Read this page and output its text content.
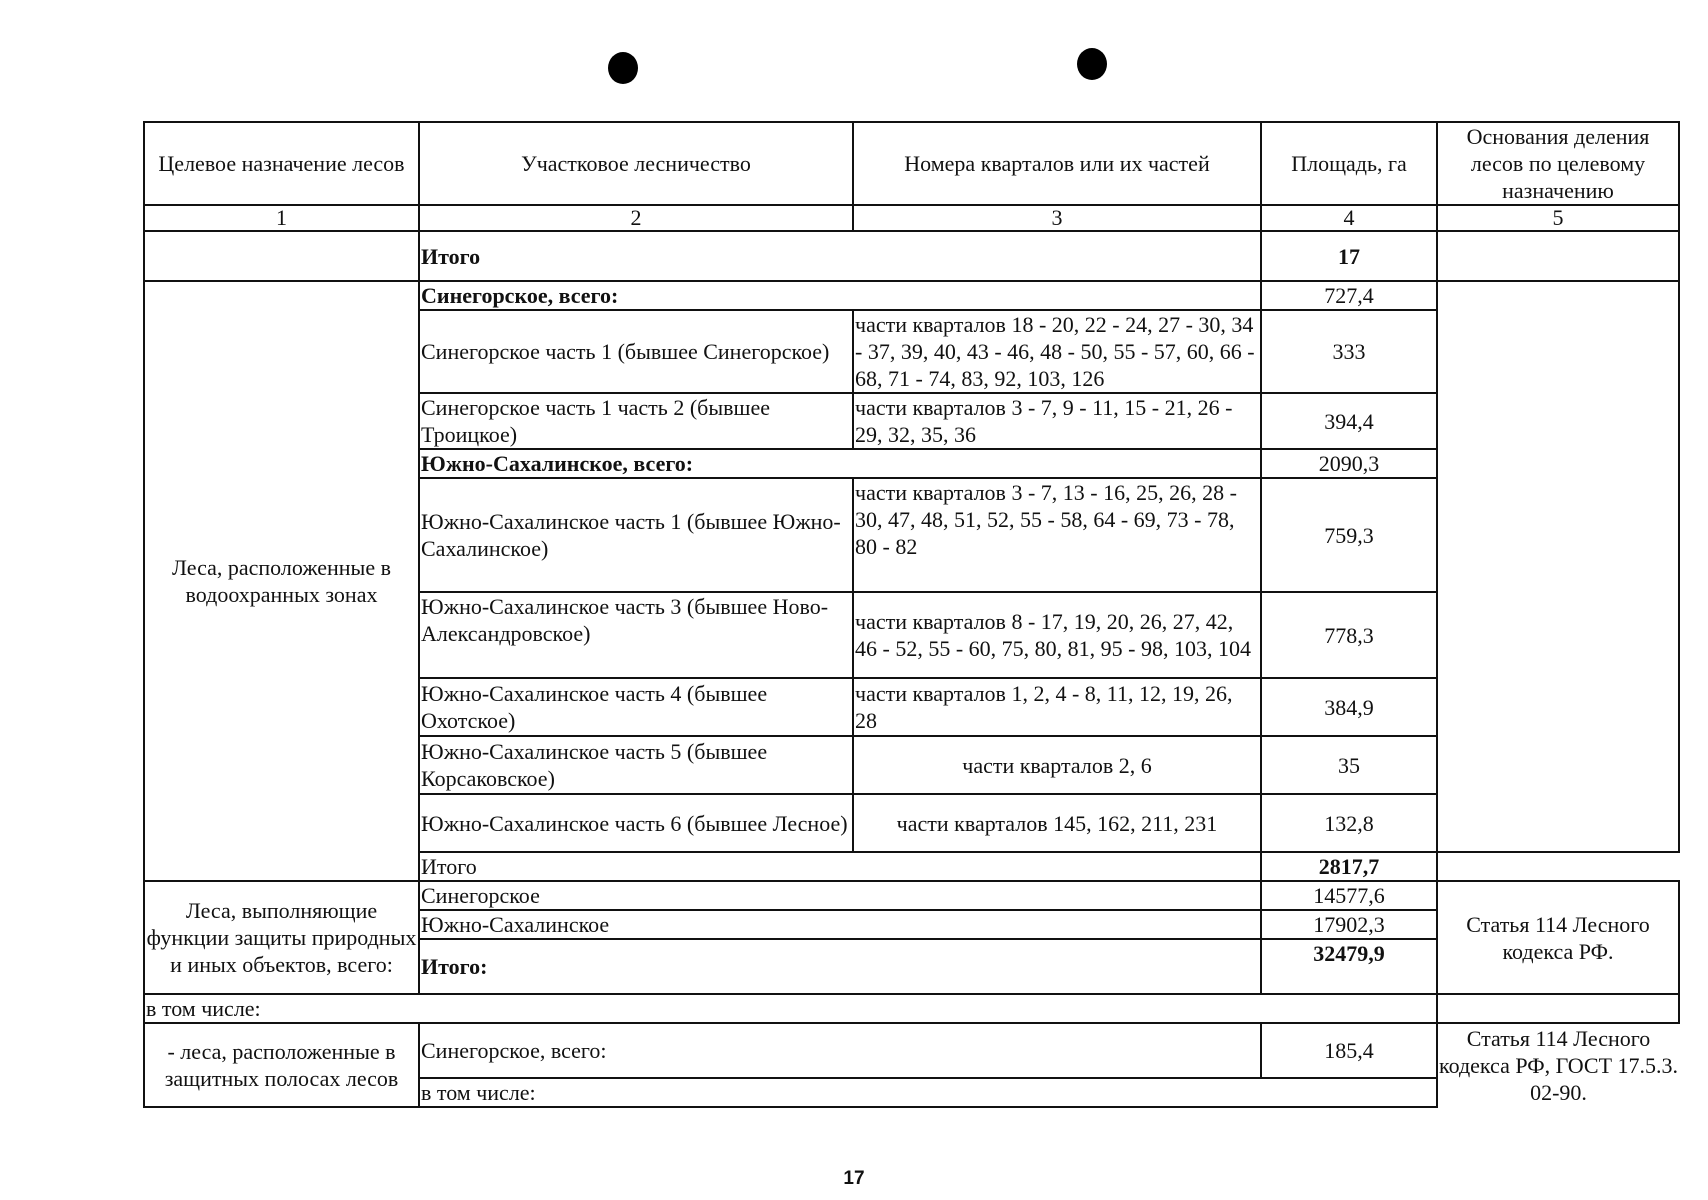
Целевое назначение лесов	Участковое лесничество	Номера кварталов или их частей	Площадь, га	Основания деления лесов по целевому назначению
1	2	3	4	5
	Итого		17	
Леса, расположенные в водоохранных зонах	Синегорское, всего:		727,4	
	Синегорское часть 1 (бывшее Синегорское)	части кварталов 18 - 20, 22 - 24, 27 - 30, 34 - 37, 39, 40, 43 - 46, 48 - 50, 55 - 57, 60, 66 - 68, 71 - 74, 83, 92, 103, 126	333	
	Синегорское часть 1 часть 2 (бывшее Троицкое)	части кварталов 3 - 7, 9 - 11, 15 - 21, 26 - 29, 32, 35, 36	394,4	
	Южно-Сахалинское, всего:		2090,3	
	Южно-Сахалинское часть 1 (бывшее Южно-Сахалинское)	части кварталов 3 - 7, 13 - 16, 25, 26, 28 - 30, 47, 48, 51, 52, 55 - 58, 64 - 69, 73 - 78, 80 - 82	759,3	
	Южно-Сахалинское часть 3 (бывшее Ново-Александровское)	части кварталов 8 - 17, 19, 20, 26, 27, 42, 46 - 52, 55 - 60, 75, 80, 81, 95 - 98, 103, 104	778,3	
	Южно-Сахалинское часть 4 (бывшее Охотское)	части кварталов 1, 2, 4 - 8, 11, 12, 19, 26, 28	384,9	
	Южно-Сахалинское часть 5 (бывшее Корсаковское)	части кварталов 2, 6	35	
	Южно-Сахалинское часть 6 (бывшее Лесное)	части кварталов 145, 162, 211, 231	132,8	
	Итого		2817,7	
Леса, выполняющие функции защиты природных и иных объектов, всего:	Синегорское		14577,6	Статья 114 Лесного кодекса РФ.
	Южно-Сахалинское		17902,3	
	Итого:		32479,9	
в том числе:				
- леса, расположенные в защитных полосах лесов	Синегорское, всего:		185,4	Статья 114 Лесного кодекса РФ, ГОСТ 17.5.3. 02-90.
	в том числе:			
17
